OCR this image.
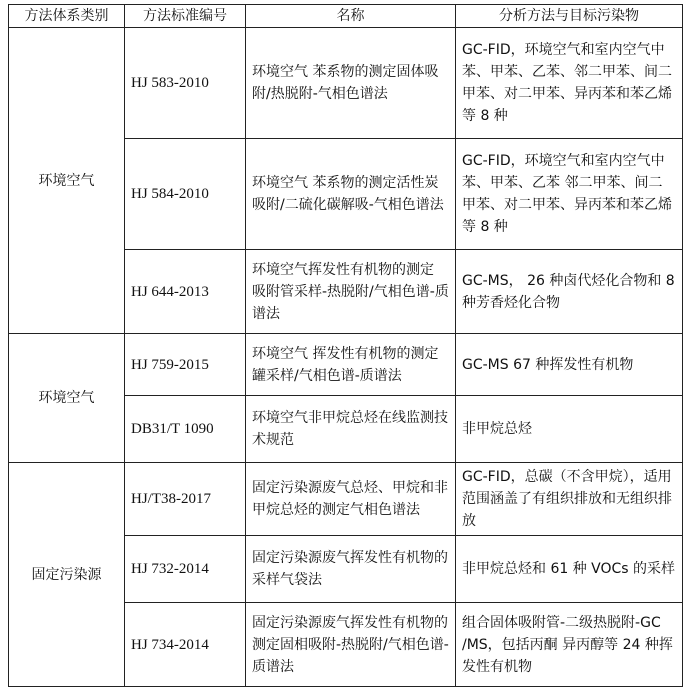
方法体系类别	方法标准编号	名称	分析方法与目标污染物
环境空气	HJ 583-2010	环境空气 苯系物的测定固体吸附/热脱附-气相色谱法	GC-FID，环境空气和室内空气中苯、甲苯、乙苯、邻二甲苯、间二甲苯、对二甲苯、异丙苯和苯乙烯等 8 种
	HJ 584-2010	环境空气 苯系物的测定活性炭吸附/二硫化碳解吸-气相色谱法	GC-FID，环境空气和室内空气中苯、甲苯、乙苯 邻二甲苯、间二甲苯、对二甲苯、异丙苯和苯乙烯等 8 种
	HJ 644-2013	环境空气挥发性有机物的测定 吸附管采样-热脱附/气相色谱-质谱法	GC-MS， 26 种卤代烃化合物和 8 种芳香烃化合物
环境空气	HJ 759-2015	环境空气 挥发性有机物的测定 罐采样/气相色谱-质谱法	GC-MS 67 种挥发性有机物
	DB31/T 1090	环境空气非甲烷总烃在线监测技术规范	非甲烷总烃
固定污染源	HJ/T38-2017	固定污染源废气总烃、甲烷和非甲烷总烃的测定气相色谱法	GC-FID，总碳（不含甲烷），适用范围涵盖了有组织排放和无组织排放
	HJ 732-2014	固定污染源废气挥发性有机物的采样气袋法	非甲烷总烃和 61 种 VOCs 的采样
	HJ 734-2014	固定污染源废气挥发性有机物的测定固相吸附-热脱附/气相色谱-质谱法	组合固体吸附管-二级热脱附-GC /MS，包括丙酮 异丙醇等 24 种挥发性有机物
